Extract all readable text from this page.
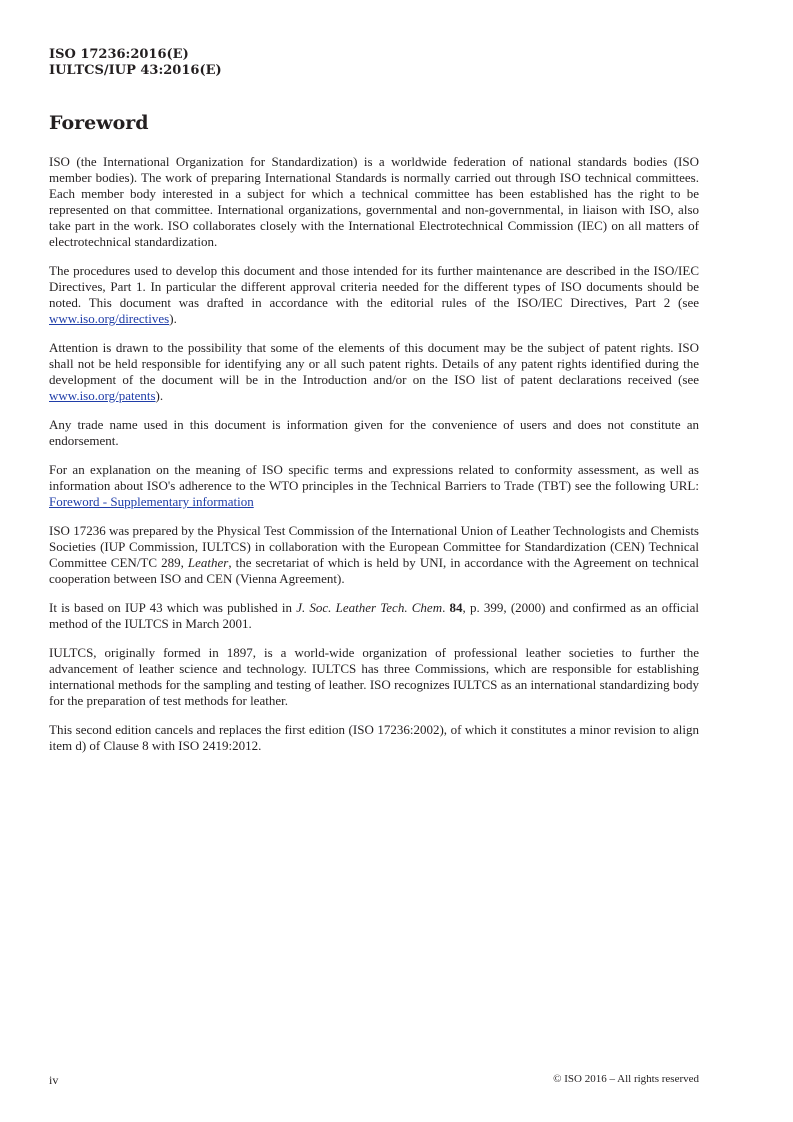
ISO 17236:2016(E)
IULTCS/IUP 43:2016(E)
Foreword

ISO (the International Organization for Standardization) is a worldwide federation of national standards bodies (ISO member bodies). The work of preparing International Standards is normally carried out through ISO technical committees. Each member body interested in a subject for which a technical committee has been established has the right to be represented on that committee. International organizations, governmental and non-governmental, in liaison with ISO, also take part in the work. ISO collaborates closely with the International Electrotechnical Commission (IEC) on all matters of electrotechnical standardization.

The procedures used to develop this document and those intended for its further maintenance are described in the ISO/IEC Directives, Part 1. In particular the different approval criteria needed for the different types of ISO documents should be noted. This document was drafted in accordance with the editorial rules of the ISO/IEC Directives, Part 2 (see www.iso.org/directives).

Attention is drawn to the possibility that some of the elements of this document may be the subject of patent rights. ISO shall not be held responsible for identifying any or all such patent rights. Details of any patent rights identified during the development of the document will be in the Introduction and/or on the ISO list of patent declarations received (see www.iso.org/patents).

Any trade name used in this document is information given for the convenience of users and does not constitute an endorsement.

For an explanation on the meaning of ISO specific terms and expressions related to conformity assessment, as well as information about ISO's adherence to the WTO principles in the Technical Barriers to Trade (TBT) see the following URL: Foreword - Supplementary information

ISO 17236 was prepared by the Physical Test Commission of the International Union of Leather Technologists and Chemists Societies (IUP Commission, IULTCS) in collaboration with the European Committee for Standardization (CEN) Technical Committee CEN/TC 289, Leather, the secretariat of which is held by UNI, in accordance with the Agreement on technical cooperation between ISO and CEN (Vienna Agreement).

It is based on IUP 43 which was published in J. Soc. Leather Tech. Chem. 84, p. 399, (2000) and confirmed as an official method of the IULTCS in March 2001.

IULTCS, originally formed in 1897, is a world-wide organization of professional leather societies to further the advancement of leather science and technology. IULTCS has three Commissions, which are responsible for establishing international methods for the sampling and testing of leather. ISO recognizes IULTCS as an international standardizing body for the preparation of test methods for leather.

This second edition cancels and replaces the first edition (ISO 17236:2002), of which it constitutes a minor revision to align item d) of Clause 8 with ISO 2419:2012.

iv	© ISO 2016 – All rights reserved
